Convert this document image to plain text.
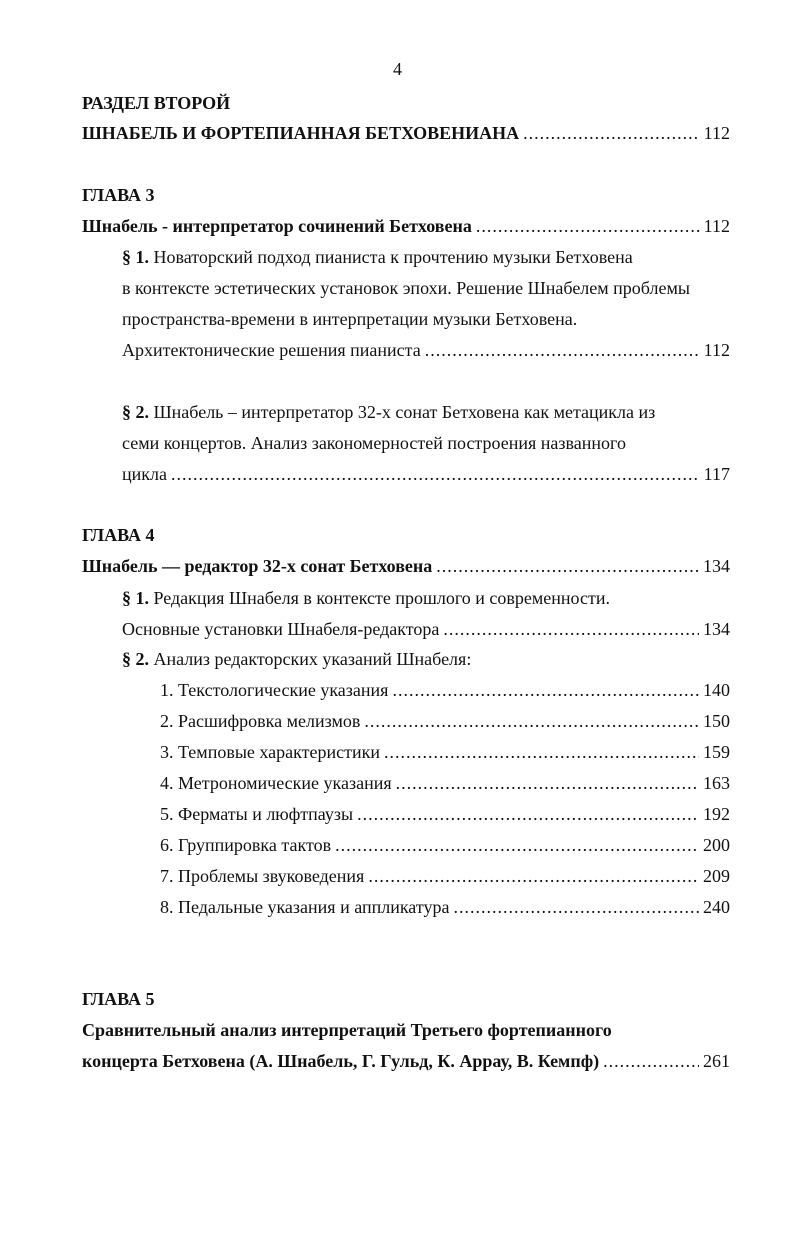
4
РАЗДЕЛ ВТОРОЙ
ШНАБЕЛЬ И ФОРТЕПИАННАЯ БЕТХОВЕНИАНА .....	112
ГЛАВА 3
Шнабель - интерпретатор сочинений Бетховена .....	112
§ 1. Новаторский подход пианиста к прочтению музыки Бетховена
в контексте эстетических установок эпохи. Решение Шнабелем проблемы
пространства-времени в интерпретации музыки Бетховена.
Архитектонические решения пианиста .....	112
§ 2. Шнабель – интерпретатор 32-х сонат Бетховена как метацикла из
семи концертов. Анализ закономерностей построения названного
цикла .....	117
ГЛАВА 4
Шнабель — редактор 32-х сонат Бетховена .....	134
§ 1. Редакция Шнабеля в контексте прошлого и современности.
Основные установки Шнабеля-редактора .....	134
§ 2. Анализ редакторских указаний Шнабеля:
1. Текстологические указания .....	140
2. Расшифровка мелизмов .....	150
3. Темповые характеристики .....	159
4. Метрономические указания .....	163
5. Ферматы и люфтпаузы .....	192
6. Группировка тактов .....	200
7. Проблемы звуковедения .....	209
8. Педальные указания и аппликатура .....	240
ГЛАВА 5
Сравнительный анализ интерпретаций Третьего фортепианного
концерта Бетховена (А. Шнабель, Г. Гульд, К. Аррау, В. Кемпф) .....	261
